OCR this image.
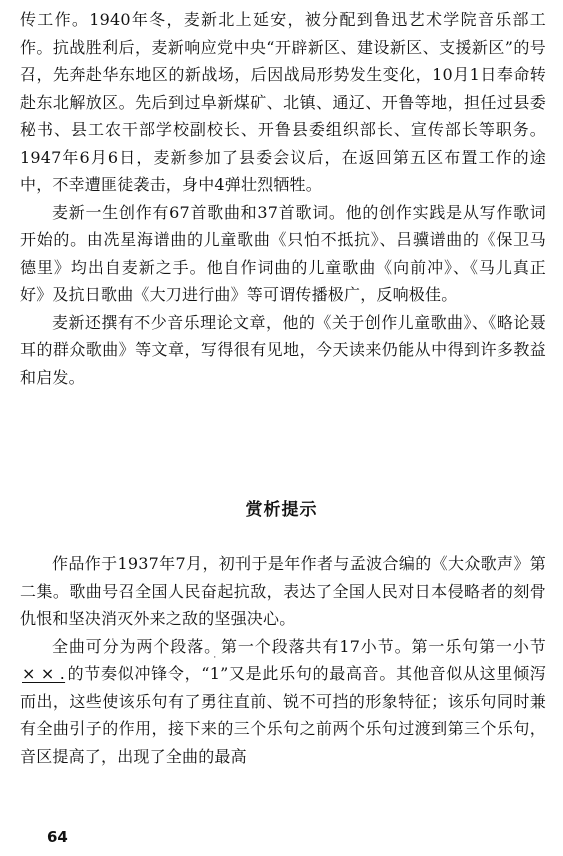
传工作。1940年冬，麦新北上延安，被分配到鲁迅艺术学院音乐部工作。抗战胜利后，麦新响应党中央“开辟新区、建设新区、支援新区”的号召，先奔赴华东地区的新战场，后因战局形势发生变化，10月1日奉命转赴东北解放区。先后到过阜新煤矿、北镇、通辽、开鲁等地，担任过县委秘书、县工农干部学校副校长、开鲁县委组织部长、宣传部长等职务。1947年6月6日，麦新参加了县委会议后，在返回第五区布置工作的途中，不幸遭匪徒袭击，身中4弹壮烈牺牲。

麦新一生创作有67首歌曲和37首歌词。他的创作实践是从写作歌词开始的。由冼星海谱曲的儿童歌曲《只怕不抵抗》、吕骥谱曲的《保卫马德里》均出自麦新之手。他自作词曲的儿童歌曲《向前冲》、《马儿真正好》及抗日歌曲《大刀进行曲》等可谓传播极广，反响极佳。

麦新还撰有不少音乐理论文章，他的《关于创作儿童歌曲》、《略论聂耳的群众歌曲》等文章，写得很有见地，今天读来仍能从中得到许多教益和启发。

赏析提示

作品作于1937年7月，初刊于是年作者与孟波合编的《大众歌声》第二集。歌曲号召全国人民奋起抗敌，表达了全国人民对日本侵略者的刻骨仇恨和坚决消灭外来之敌的坚强决心。

全曲可分为两个段落。第一个段落共有17小节。第一乐句第一小节× × . 的节奏似冲锋令，“
˙
1”又是此乐句的最高音。其他音似从这里倾泻而出，这些使该乐句有了勇往直前、锐不可挡的形象特征；该乐句同时兼有全曲引子的作用，接下来的三个乐句之前两个乐句过渡到第三个乐句，音区提高了，出现了全曲的最高

64
